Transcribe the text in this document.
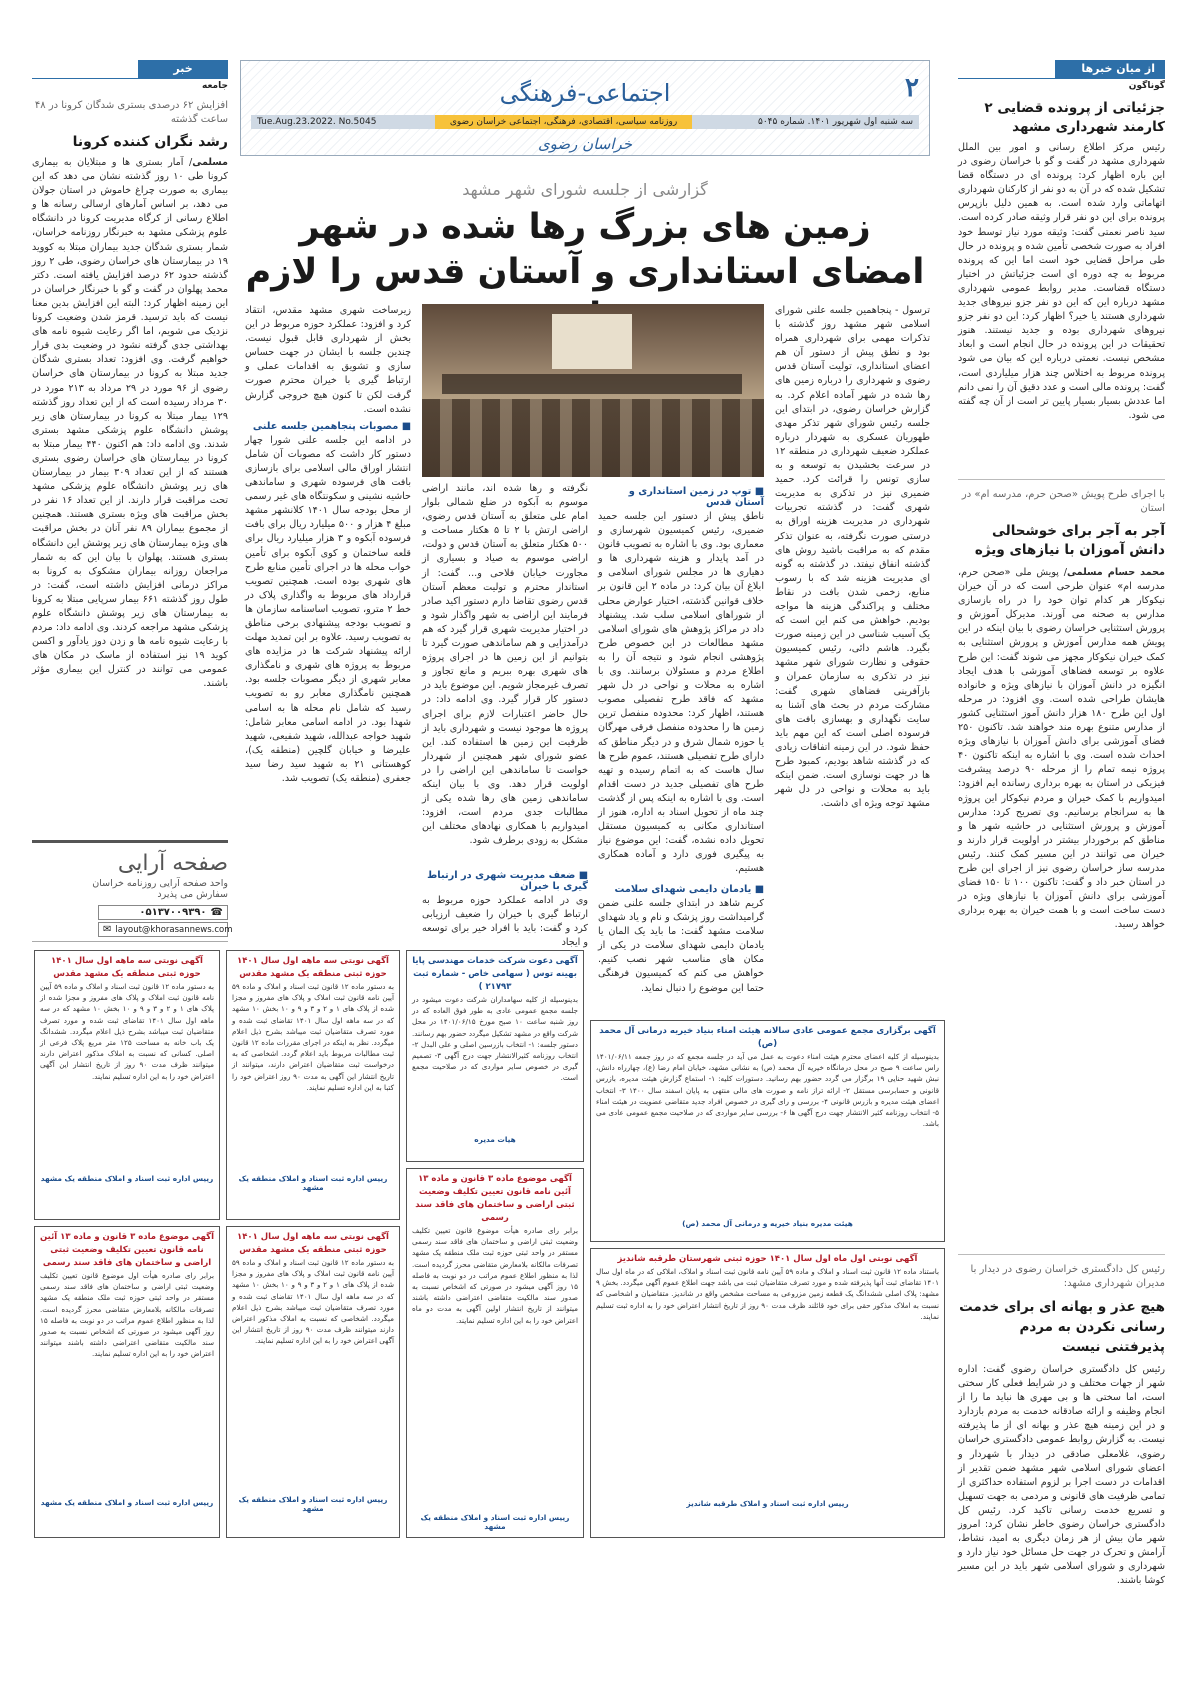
۲
اجتماعی-فرهنگی
سه شنبه اول شهریور ۱۴۰۱. شماره ۵۰۴۵
روزنامه سیاسی، اقتصادی، فرهنگی، اجتماعی خراسان رضوی
Tue.Aug.23.2022. No.5045
خراسان رضوی
از میان خبرها
گوناگون
جزئیاتی از پرونده قضایی ۲ کارمند شهرداری مشهد

رئیس مرکز اطلاع رسانی و امور بین الملل شهرداری مشهد در گفت و گو با خراسان رضوی در این باره اظهار کرد: پرونده ای در دستگاه قضا تشکیل شده که در آن به دو نفر از کارکنان شهرداری اتهاماتی وارد شده است. به همین دلیل بازپرس پرونده برای این دو نفر قرار وثیقه صادر کرده است. سید ناصر نعمتی گفت: وثیقه مورد نیاز توسط خود افراد به صورت شخصی تأمین شده و پرونده در حال طی مراحل قضایی خود است اما این که پرونده مربوط به چه دوره ای است جزئیاتش در اختیار دستگاه قضاست. مدیر روابط عمومی شهرداری مشهد درباره این که این دو نفر جزو نیروهای جدید شهرداری هستند یا خیر؟ اظهار کرد: این دو نفر جزو نیروهای شهرداری بوده و جدید نیستند. هنوز تحقیقات در این پرونده در حال انجام است و ابعاد مشخص نیست. نعمتی درباره این که بیان می شود پرونده مربوط به اختلاس چند هزار میلیاردی است، گفت: پرونده مالی است و عدد دقیق آن را نمی دانم اما عددش بسیار بسیار پایین تر است از آن چه گفته می شود.

با اجرای طرح پویش «صحن حرم، مدرسه ام» در استان
آجر به آجر برای خوشحالی دانش آموزان با نیازهای ویژه

محمد حسام مسلمی/ پویش ملی «صحن حرم، مدرسه ام» عنوان طرحی است که در آن خیران نیکوکار هر کدام توان خود را در راه بازسازی مدارس به صحنه می آورند. مدیرکل آموزش و پرورش استثنایی خراسان رضوی با بیان اینکه در این پویش همه مدارس آموزش و پرورش استثنایی به کمک خیران نیکوکار مجهز می شوند گفت: این طرح علاوه بر توسعه فضاهای آموزشی با هدف ایجاد انگیزه در دانش آموزان با نیازهای ویژه و خانواده هایشان طراحی شده است. وی افزود: در مرحله اول این طرح ۱۸۰ هزار دانش آموز استثنایی کشور از مدارس متنوع بهره مند خواهند شد. تاکنون ۲۵۰ فضای آموزشی برای دانش آموزان با نیازهای ویژه احداث شده است. وی با اشاره به اینکه تاکنون ۴۰ پروژه نیمه تمام را از مرحله ۹۰ درصد پیشرفت فیزیکی در استان به بهره برداری رسانده ایم افزود: امیدواریم با کمک خیران و مردم نیکوکار این پروژه ها به سرانجام برسانیم. وی تصریح کرد: مدارس آموزش و پرورش استثنایی در حاشیه شهر ها و مناطق کم برخوردار بیشتر در اولویت قرار دارند و خیران می توانند در این مسیر کمک کنند. رئیس مدرسه ساز خراسان رضوی نیز از اجرای این طرح در استان خبر داد و گفت: تاکنون ۱۰۰ تا ۱۵۰ فضای آموزشی برای دانش آموزان با نیازهای ویژه در دست ساخت است و با همت خیران به بهره برداری خواهد رسید.

رئیس کل دادگستری خراسان رضوی در دیدار با مدیران شهرداری مشهد:
هیچ عذر و بهانه ای برای خدمت رسانی نکردن به مردم پذیرفتنی نیست

رئیس کل دادگستری خراسان رضوی گفت: اداره شهر از جهات مختلف و در شرایط فعلی کار سختی است، اما سختی ها و بی مهری ها نباید ما را از انجام وظیفه و ارائه صادقانه خدمت به مردم بازدارد و در این زمینه هیچ عذر و بهانه ای از ما پذیرفته نیست. به گزارش روابط عمومی دادگستری خراسان رضوی، غلامعلی صادقی در دیدار با شهردار و اعضای شورای اسلامی شهر مشهد ضمن تقدیر از اقدامات در دست اجرا بر لزوم استفاده حداکثری از تمامی ظرفیت های قانونی و مردمی به جهت تسهیل و تسریع خدمت رسانی تاکید کرد. رئیس کل دادگستری خراسان رضوی خاطر نشان کرد: امروز شهر مان بیش از هر زمان دیگری به امید، نشاط، آرامش و تحرک در جهت حل مسائل خود نیاز دارد و شهرداری و شورای اسلامی شهر باید در این مسیر کوشا باشند.

خبر
جامعه
افزایش ۶۲ درصدی بستری شدگان کرونا در ۴۸ ساعت گذشته
رشد نگران کننده کرونا

مسلمی/ آمار بستری ها و مبتلایان به بیماری کرونا طی ۱۰ روز گذشته نشان می دهد که این بیماری به صورت چراغ خاموش در استان جولان می دهد، بر اساس آمارهای ارسالی رسانه ها و اطلاع رسانی از کرگاه مدیریت کرونا در دانشگاه علوم پزشکی مشهد به خبرنگار روزنامه خراسان، شمار بستری شدگان جدید بیماران مبتلا به کووید ۱۹ در بیمارستان های خراسان رضوی، طی ۲ روز گذشته حدود ۶۲ درصد افزایش یافته است. دکتر محمد پهلوان در گفت و گو با خبرنگار خراسان در این زمینه اظهار کرد: البته این افزایش بدین معنا نیست که باید ترسید. قرمز شدن وضعیت کرونا نزدیک می شویم، اما اگر رعایت شیوه نامه های بهداشتی جدی گرفته نشود در وضعیت بدی قرار خواهیم گرفت. وی افزود: تعداد بستری شدگان جدید مبتلا به کرونا در بیمارستان های خراسان رضوی از ۹۶ مورد در ۲۹ مرداد به ۲۱۳ مورد در ۳۰ مرداد رسیده است که از این تعداد روز گذشته ۱۲۹ بیمار مبتلا به کرونا در بیمارستان های زیر پوشش دانشگاه علوم پزشکی مشهد بستری شدند. وی ادامه داد: هم اکنون ۴۴۰ بیمار مبتلا به کرونا در بیمارستان های خراسان رضوی بستری هستند که از این تعداد ۳۰۹ بیمار در بیمارستان های زیر پوشش دانشگاه علوم پزشکی مشهد تحت مراقبت قرار دارند. از این تعداد ۱۶ نفر در بخش مراقبت های ویژه بستری هستند. همچنین از مجموع بیماران ۸۹ نفر آنان در بخش مراقبت های ویژه بیمارستان های زیر پوشش این دانشگاه بستری هستند. پهلوان با بیان این که به شمار مراجعان روزانه بیماران مشکوک به کرونا به مراکز درمانی افزایش داشته است، گفت: در طول روز گذشته ۶۶۱ بیمار سرپایی مبتلا به کرونا به بیمارستان های زیر پوشش دانشگاه علوم پزشکی مشهد مراجعه کردند. وی ادامه داد: مردم با رعایت شیوه نامه ها و زدن دوز یادآور و اکسن کوید ۱۹ نیز استفاده از ماسک در مکان های عمومی می توانند در کنترل این بیماری مؤثر باشند.

صفحه آرایی
واحد صفحه آرایی روزنامه خراسان
سفارش می پذیرد
☎
۰۵۱۳۷۰۰۹۳۹۰
✉ layout@khorasannews.com
گزارشی از جلسه شورای شهر مشهد
زمین های بزرگ رها شده در شهر
امضای استانداری و آستان قدس را لازم

ترسول - پنجاهمین جلسه علنی شورای اسلامی شهر مشهد روز گذشته با تذکرات مهمی برای شهرداری همراه بود و نطق پیش از دستور آن هم اعضای استانداری، تولیت آستان قدس رضوی و شهرداری را درباره زمین های رها شده در شهر آماده اعلام کرد. به گزارش خراسان رضوی، در ابتدای این جلسه رئیس شورای شهر تذکر مهدی طهوریان عسکری به شهردار درباره عملکرد ضعیف شهرداری در منطقه ۱۲ در سرعت بخشیدن به توسعه و به سازی تونس را قرائت کرد. حمید ضمیری نیز در تذکری به مدیریت شهری گفت: در گذشته تجربیات شهرداری در مدیریت هزینه اوراق به درستی صورت نگرفته، به عنوان تذکر مقدم که به مراقبت باشید روش های گذشته انفاق نیفتد. در گذشته به گونه ای مدیریت هزینه شد که با رسوب منابع، زخمی شدن بافت در نقاط مختلف و پراکندگی هزینه ها مواجه بودیم. خواهش می کنم این است که یک آسیب شناسی در این زمینه صورت بگیرد. هاشم دائی، رئیس کمیسیون حقوقی و نظارت شورای شهر مشهد نیز در تذکری به سازمان عمران و بازآفرینی فضاهای شهری گفت: مشارکت مردم در بحث های آشنا به سایت نگهداری و بهسازی بافت های فرسوده اصلی است که این مهم باید حفظ شود. در این زمینه اتفاقات زیادی که در گذشته شاهد بودیم، کمبود طرح ها در جهت نوسازی است. ضمن اینکه باید به محلات و نواحی در دل شهر مشهد توجه ویژه ای داشت.

■ توپ در زمین استانداری و آستان قدس

ناطق پیش از دستور این جلسه حمید ضمیری، رئیس کمیسیون شهرسازی و معماری بود. وی با اشاره به تصویب قانون در آمد پایدار و هزینه شهرداری ها و دهیاری ها در مجلس شورای اسلامی و ابلاغ آن بیان کرد: در ماده ۲ این قانون بر خلاف قوانین گذشته، اختیار عوارض محلی از شوراهای اسلامی سلب شد. پیشنهاد داد در مراکز پژوهش های شورای اسلامی مشهد مطالعات در این خصوص طرح پژوهشی انجام شود و نتیجه آن را به اطلاع مردم و مسئولان برسانند. وی با اشاره به محلات و نواحی در دل شهر مشهد که فاقد طرح تفصیلی مصوب هستند، اظهار کرد: محدوده منفصل ترین زمین ها را محدوده منفصل فرقی مهرگان یا حوزه شمال شرق و در دیگر مناطق که دارای طرح تفصیلی هستند، عموم طرح ها سال هاست که به اتمام رسیده و تهیه طرح های تفصیلی جدید در دست اقدام است. وی با اشاره به اینکه پس از گذشت چند ماه از تحویل اسناد به اداره، هنوز از استانداری مکانی به کمیسیون مستقل تحویل داده نشده، گفت: این موضوع نیاز به پیگیری فوری دارد و آماده همکاری هستیم.

■ یادمان دایمی شهدای سلامت

کریم شاهد در ابتدای جلسه علنی ضمن گرامیداشت روز پزشک و نام و یاد شهدای سلامت مشهد گفت: ما باید یک المان یا یادمان دایمی شهدای سلامت در یکی از مکان های مناسب شهر نصب کنیم. خواهش می کنم که کمیسیون فرهنگی حتما این موضوع را دنبال نماید.

نگرفته و رها شده اند، مانند اراضی موسوم به آبکوه در ضلع شمالی بلوار امام علی متعلق به آستان قدس رضوی، اراضی ارتش با ۲ تا ۵ هکتار مساحت و ۵۰۰ هکتار متعلق به آستان قدس و دولت، اراضی موسوم به صیاد و بسیاری از مجاورت خیابان فلاحی و... گفت: از استاندار محترم و تولیت معظم آستان قدس رضوی تقاضا دارم دستور اکید صادر فرمایند این اراضی به شهر واگذار شود و در اختیار مدیریت شهری قرار گیرد که هم درآمدزایی و هم ساماندهی صورت گیرد تا بتوانیم از این زمین ها در اجرای پروژه های شهری بهره ببریم و مانع تجاوز و تصرف غیرمجاز شویم. این موضوع باید در دستور کار قرار گیرد. وی ادامه داد: در حال حاضر اعتبارات لازم برای اجرای پروژه ها موجود نیست و شهرداری باید از ظرفیت این زمین ها استفاده کند. این عضو شورای شهر همچنین از شهردار خواست تا ساماندهی این اراضی را در اولویت قرار دهد. وی با بیان اینکه ساماندهی زمین های رها شده یکی از مطالبات جدی مردم است، افزود: امیدواریم با همکاری نهادهای مختلف این مشکل به زودی برطرف شود.

■ ضعف مدیریت شهری در ارتباط گیری با خیران

وی در ادامه عملکرد حوزه مربوط به ارتباط گیری با خیران را ضعیف ارزیابی کرد و گفت: باید با افراد خیر برای توسعه و ایجاد

زیرساخت شهری مشهد مقدس، انتقاد کرد و افزود: عملکرد حوزه مربوط در این بخش از شهرداری قابل قبول نیست. چندین جلسه با ایشان در جهت حساس سازی و تشویق به اقدامات عملی و ارتباط گیری با خیران محترم صورت گرفت لکن تا کنون هیچ خروجی گزارش نشده است.

■ مصوبات پنجاهمین جلسه علنی

در ادامه این جلسه علنی شورا چهار دستور کار داشت که مصوبات آن شامل انتشار اوراق مالی اسلامی برای بازسازی بافت های فرسوده شهری و ساماندهی حاشیه نشینی و سکونتگاه های غیر رسمی از محل بودجه سال ۱۴۰۱ کلانشهر مشهد مبلغ ۴ هزار و ۵۰۰ میلیارد ریال برای بافت فرسوده آبکوه و ۳ هزار میلیارد ریال برای قلعه ساختمان و کوی آبکوه برای تأمین خواب محله ها در اجرای تأمین منابع طرح های شهری بوده است. همچنین تصویب قرارداد های مربوط به واگذاری پلاک در خط ۲ مترو، تصویب اساسنامه سازمان ها و تصویب بودجه پیشنهادی برخی مناطق به تصویب رسید. علاوه بر این تمدید مهلت ارائه پیشنهاد شرکت ها در مزایده های مربوط به پروژه های شهری و نامگذاری معابر شهری از دیگر مصوبات جلسه بود. همچنین نامگذاری معابر رو به تصویب رسید که شامل نام محله ها به اسامی شهدا بود. در ادامه اسامی معابر شامل: شهید خواجه عبدالله، شهید شفیعی، شهید علیرضا و خیابان گلچین (منطقه یک)، کوهستانی ۲۱ به شهید سید رضا سید جعفری (منطقه یک) تصویب شد.

آگهی نوبتی سه ماهه اول سال ۱۴۰۱ حوزه ثبتی منطقه یک مشهد مقدس

به دستور ماده ۱۲ قانون ثبت اسناد و املاک و ماده ۵۹ آیین نامه قانون ثبت املاک و پلاک های مفروز و مجزا شده از پلاک های ۱ و ۲ و ۳ و ۹ و ۱۰ بخش ۱۰ مشهد که در سه ماهه اول سال ۱۴۰۱ تقاضای ثبت شده و مورد تصرف متقاضیان ثبت میباشد بشرح ذیل اعلام میگردد. ششدانگ یک باب خانه به مساحت ۱۲۵ متر مربع پلاک فرعی از اصلی. کسانی که نسبت به املاک مذکور اعتراض دارند میتوانند ظرف مدت ۹۰ روز از تاریخ انتشار این آگهی اعتراض خود را به این اداره تسلیم نمایند.

رییس اداره ثبت اسناد و املاک منطقه یک مشهد
آگهی نوبتی سه ماهه اول سال ۱۴۰۱ حوزه ثبتی منطقه یک مشهد مقدس

به دستور ماده ۱۲ قانون ثبت اسناد و املاک و ماده ۵۹ آیین نامه قانون ثبت املاک و پلاک های مفروز و مجزا شده از پلاک های ۱ و ۲ و ۳ و ۹ و ۱۰ بخش ۱۰ مشهد که در سه ماهه اول سال ۱۴۰۱ تقاضای ثبت شده و مورد تصرف متقاضیان ثبت میباشد بشرح ذیل اعلام میگردد. نظر به اینکه در اجرای مقررات ماده ۱۲ قانون ثبت مطالبات مربوط باید اعلام گردد. اشخاصی که به درخواست ثبت متقاضیان اعتراض دارند، میتوانند از تاریخ انتشار این آگهی به مدت ۹۰ روز اعتراض خود را کتبا به این اداره تسلیم نمایند.

رییس اداره ثبت اسناد و املاک منطقه یک مشهد
آگهی دعوت شرکت خدمات مهندسی پایا بهینه توس ( سهامی خاص - شماره ثبت ۲۱۷۹۳ )

بدینوسیله از کلیه سهامداران شرکت دعوت میشود در جلسه مجمع عمومی عادی به طور فوق العاده که در روز شنبه ساعت ۱۰ صبح مورخ ۱۴۰۱/۰۶/۱۵ در محل شرکت واقع در مشهد تشکیل میگردد حضور بهم رسانند. دستور جلسه: ۱- انتخاب بازرسین اصلی و علی البدل ۲- انتخاب روزنامه کثیرالانتشار جهت درج آگهی ۳- تصمیم گیری در خصوص سایر مواردی که در صلاحیت مجمع است.

هیات مدیره
آگهی برگزاری مجمع عمومی عادی سالانه هیئت امناء بنیاد خیریه درمانی آل محمد (ص)

بدینوسیله از کلیه اعضای محترم هیئت امناء دعوت به عمل می آید در جلسه مجمع که در روز جمعه ۱۴۰۱/۰۶/۱۱ راس ساعت ۹ صبح در محل درمانگاه خیریه آل محمد (ص) به نشانی مشهد، خیابان امام رضا (ع)، چهارراه دانش، نبش شهید حنایی ۱۹ برگزار می گردد حضور بهم رسانید. دستورات کلیه: ۱- استماع گزارش هیئت مدیره، بازرس قانونی و حسابرسی مستقل ۲- ارائه تراز نامه و صورت های مالی منتهی به پایان اسفند سال ۱۴۰۰ ۳- انتخاب اعضای هیئت مدیره و بازرس قانونی ۴- بررسی و رای گیری در خصوص افراد جدید متقاضی عضویت در هیئت امناء ۵- انتخاب روزنامه کثیر الانتشار جهت درج آگهی ها ۶- بررسی سایر مواردی که در صلاحیت مجمع عمومی عادی می باشد.

هیئت مدیره بنیاد خیریه و درمانی آل محمد (ص)
آگهی موضوع ماده ۳ قانون و ماده ۱۳ آئین نامه قانون تعیین تکلیف وضعیت ثبتی اراضی و ساختمان های فاقد سند رسمی

برابر رای صادره هیأت موضوع قانون تعیین تکلیف وضعیت ثبتی اراضی و ساختمان های فاقد سند رسمی مستقر در واحد ثبتی حوزه ثبت ملک منطقه یک مشهد تصرفات مالکانه بلامعارض متقاضی محرز گردیده است. لذا به منظور اطلاع عموم مراتب در دو نوبت به فاصله ۱۵ روز آگهی میشود در صورتی که اشخاص نسبت به صدور سند مالکیت متقاضی اعتراضی داشته باشند میتوانند از تاریخ انتشار اولین آگهی به مدت دو ماه اعتراض خود را به این اداره تسلیم نمایند.

رییس اداره ثبت اسناد و املاک منطقه یک مشهد
آگهی نوبتی اول ماه اول سال ۱۴۰۱ حوزه ثبتی شهرستان طرقبه شاندیز

باستناد ماده ۱۲ قانون ثبت اسناد و املاک و ماده ۵۹ آیین نامه قانون ثبت اسناد و املاک، املاکی که در ماه اول سال ۱۴۰۱ تقاضای ثبت آنها پذیرفته شده و مورد تصرف متقاضیان ثبت می باشد جهت اطلاع عموم آگهی میگردد. بخش ۹ مشهد: پلاک اصلی ششدانگ یک قطعه زمین مزروعی به مساحت مشخص واقع در شاندیز. متقاضیان و اشخاصی که نسبت به املاک مذکور حقی برای خود قائلند ظرف مدت ۹۰ روز از تاریخ انتشار اعتراض خود را به اداره ثبت تسلیم نمایند.

رییس اداره ثبت اسناد و املاک طرقبه شاندیز
آگهی نوبتی سه ماهه اول سال ۱۴۰۱ حوزه ثبتی منطقه یک مشهد مقدس

به دستور ماده ۱۲ قانون ثبت اسناد و املاک و ماده ۵۹ آیین نامه قانون ثبت املاک و پلاک های مفروز و مجزا شده از پلاک های ۱ و ۲ و ۳ و ۹ و ۱۰ بخش ۱۰ مشهد که در سه ماهه اول سال ۱۴۰۱ تقاضای ثبت شده و مورد تصرف متقاضیان ثبت میباشد بشرح ذیل اعلام میگردد. اشخاصی که نسبت به املاک مذکور اعتراض دارند میتوانند ظرف مدت ۹۰ روز از تاریخ انتشار این آگهی اعتراض خود را به این اداره تسلیم نمایند.

رییس اداره ثبت اسناد و املاک منطقه یک مشهد
آگهی موضوع ماده ۳ قانون و ماده ۱۳ آئین نامه قانون تعیین تکلیف وضعیت ثبتی اراضی و ساختمان های فاقد سند رسمی

برابر رای صادره هیأت اول موضوع قانون تعیین تکلیف وضعیت ثبتی اراضی و ساختمان های فاقد سند رسمی مستقر در واحد ثبتی حوزه ثبت ملک منطقه یک مشهد تصرفات مالکانه بلامعارض متقاضی محرز گردیده است. لذا به منظور اطلاع عموم مراتب در دو نوبت به فاصله ۱۵ روز آگهی میشود در صورتی که اشخاص نسبت به صدور سند مالکیت متقاضی اعتراضی داشته باشند میتوانند اعتراض خود را به این اداره تسلیم نمایند.

رییس اداره ثبت اسناد و املاک منطقه یک مشهد
